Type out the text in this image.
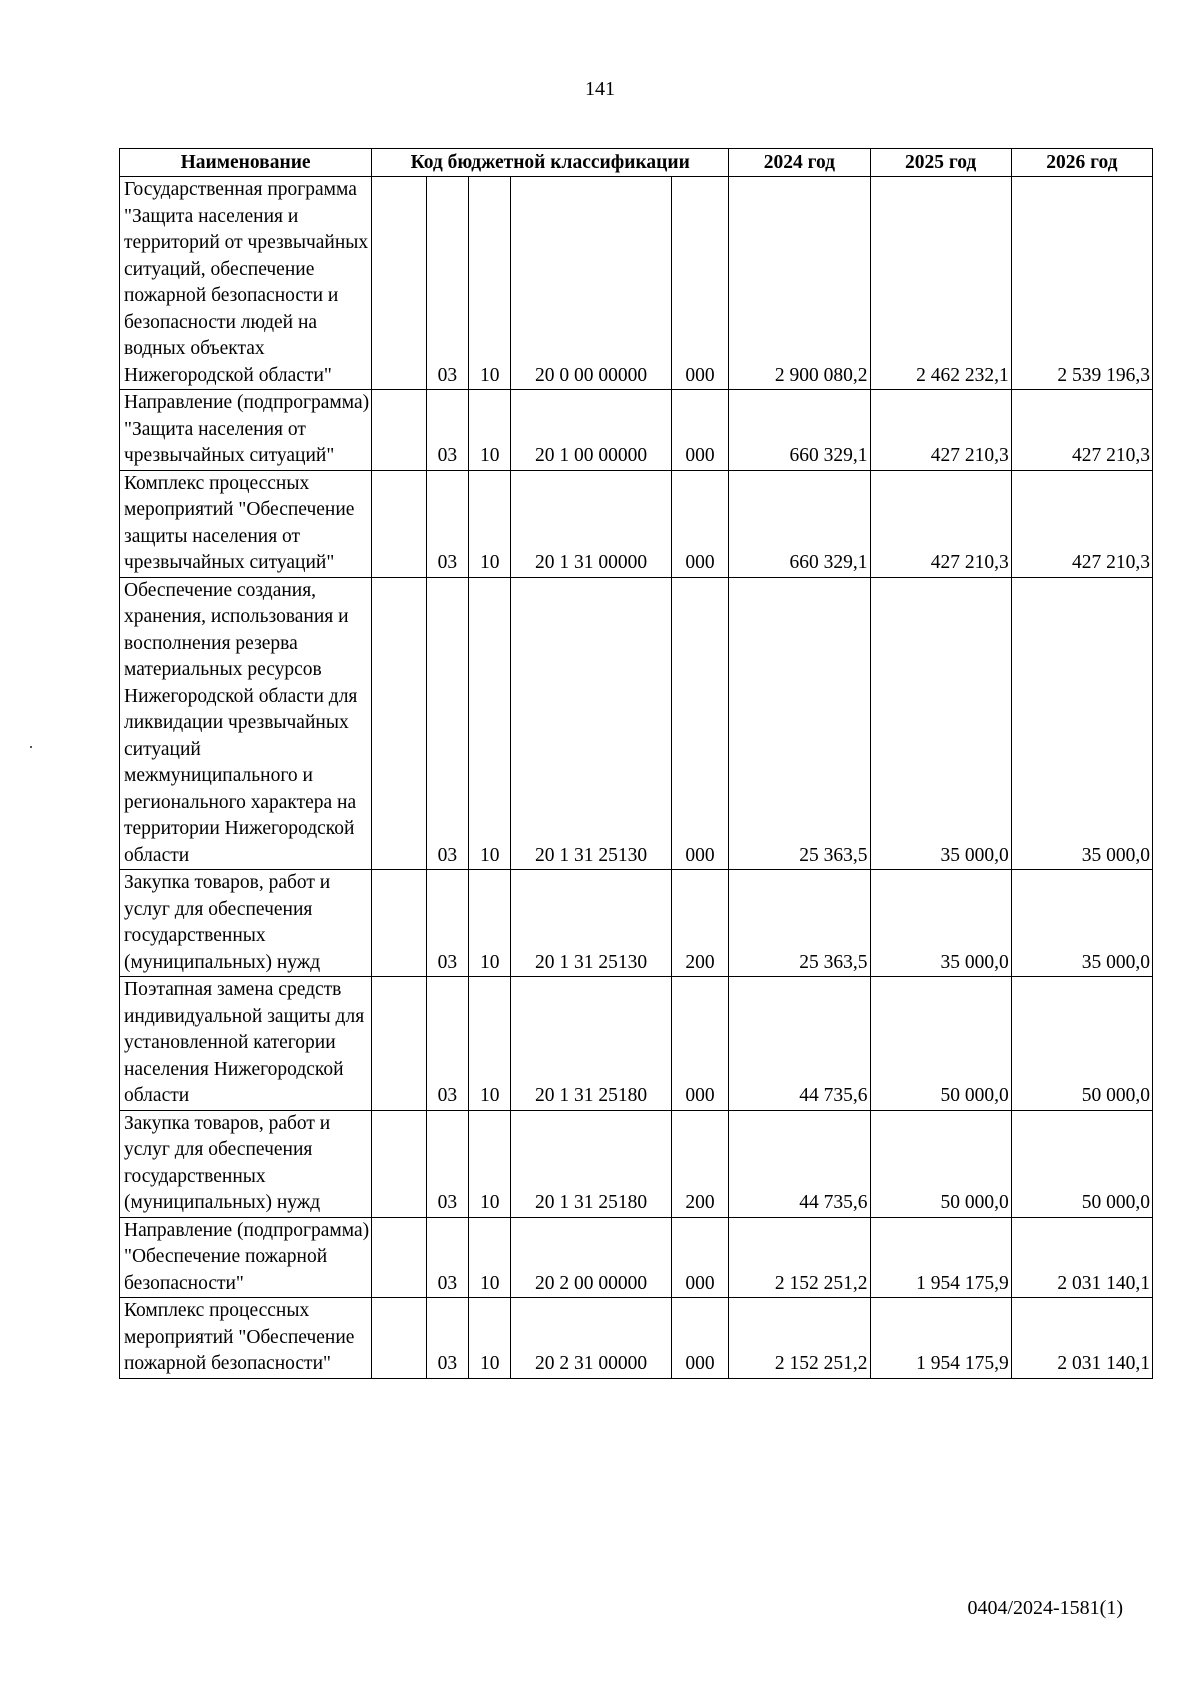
141
Наименование	Код бюджетной классификации					2024 год	2025 год	2026 год
Государственная программа "Защита населения и территорий от чрезвычайных ситуаций, обеспечение пожарной безопасности и безопасности людей на водных объектах Нижегородской области"		03	10	20 0 00 00000	000	2 900 080,2	2 462 232,1	2 539 196,3
Направление (подпрограмма) "Защита населения от чрезвычайных ситуаций"		03	10	20 1 00 00000	000	660 329,1	427 210,3	427 210,3
Комплекс процессных мероприятий "Обеспечение защиты населения от чрезвычайных ситуаций"		03	10	20 1 31 00000	000	660 329,1	427 210,3	427 210,3
Обеспечение создания, хранения, использования и восполнения резерва материальных ресурсов Нижегородской области для ликвидации чрезвычайных ситуаций межмуниципального и регионального характера на территории Нижегородской области		03	10	20 1 31 25130	000	25 363,5	35 000,0	35 000,0
Закупка товаров, работ и услуг для обеспечения государственных (муниципальных) нужд		03	10	20 1 31 25130	200	25 363,5	35 000,0	35 000,0
Поэтапная замена средств индивидуальной защиты для установленной категории населения Нижегородской области		03	10	20 1 31 25180	000	44 735,6	50 000,0	50 000,0
Закупка товаров, работ и услуг для обеспечения государственных (муниципальных) нужд		03	10	20 1 31 25180	200	44 735,6	50 000,0	50 000,0
Направление (подпрограмма) "Обеспечение пожарной безопасности"		03	10	20 2 00 00000	000	2 152 251,2	1 954 175,9	2 031 140,1
Комплекс процессных мероприятий "Обеспечение пожарной безопасности"		03	10	20 2 31 00000	000	2 152 251,2	1 954 175,9	2 031 140,1
0404/2024-1581(1)
